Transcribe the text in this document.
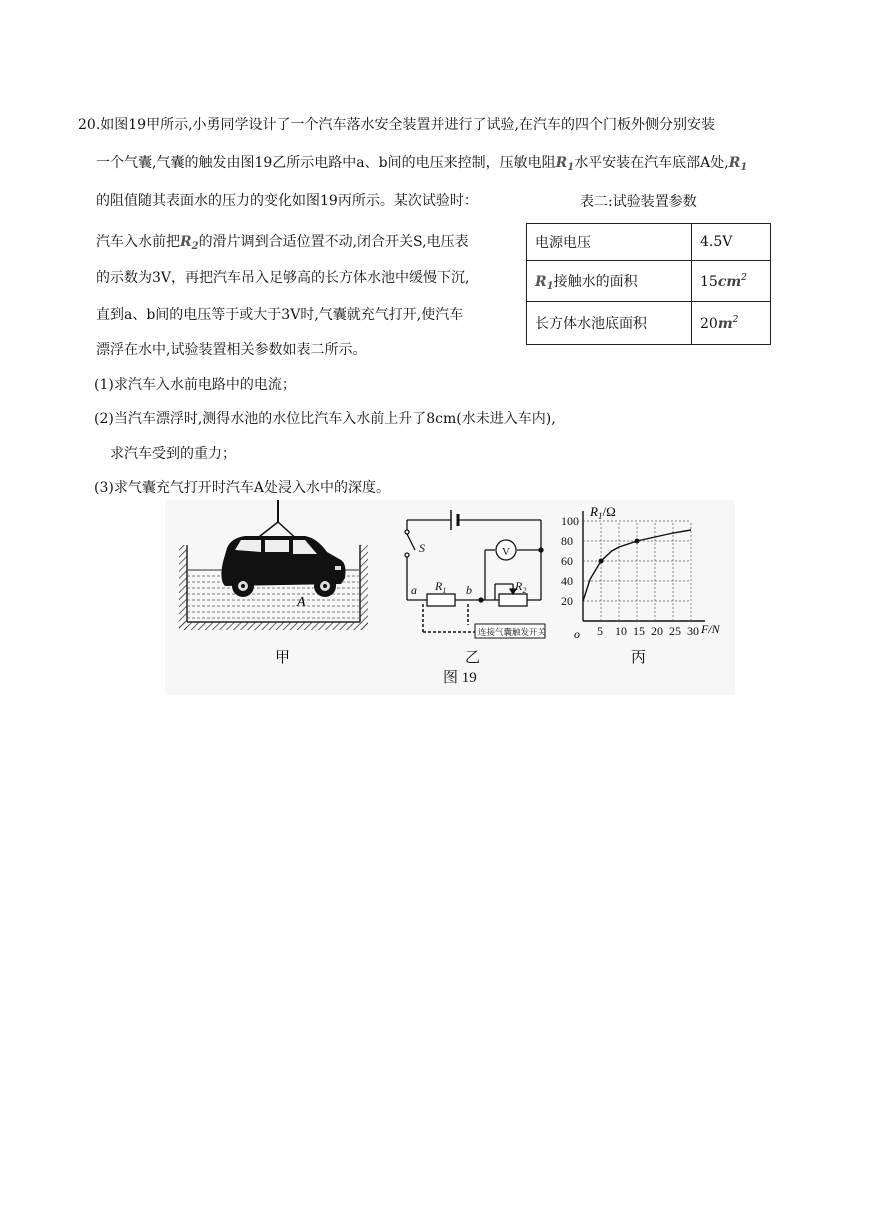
20.如图19甲所示,小勇同学设计了一个汽车落水安全装置并进行了试验,在汽车的四个门板外侧分别安装
一个气囊,气囊的触发由图19乙所示电路中a、b间的电压来控制，压敏电阻$R_1$水平安装在汽车底部A处$,R_1$
的阻值随其表面水的压力的变化如图19丙所示。某次试验时：
汽车入水前把$R_2$的滑片调到合适位置不动,闭合开关S,电压表
的示数为3V，再把汽车吊入足够高的长方体水池中缓慢下沉,
直到a、b间的电压等于或大于3V时,气囊就充气打开,使汽车
漂浮在水中,试验装置相关参数如表二所示。
(1)求汽车入水前电路中的电流；
(2)当汽车漂浮时,测得水池的水位比汽车入水前上升了8cm(水未进入车内),
求汽车受到的重力；
(3)求气囊充气打开时汽车A处浸入水中的深度。
表二:试验装置参数
电源电压	4.5V
$R_1$接触水的面积	$15cm^2$
长方体水池底面积	$20m^2$
A
甲
S	V
a	b
$R_1$	$R_2$
连接气囊触发开关
乙
图 19
100
80
60
40
20
30
25
20
15
10
5
$R_1/\Omega$
F/N
o
丙
